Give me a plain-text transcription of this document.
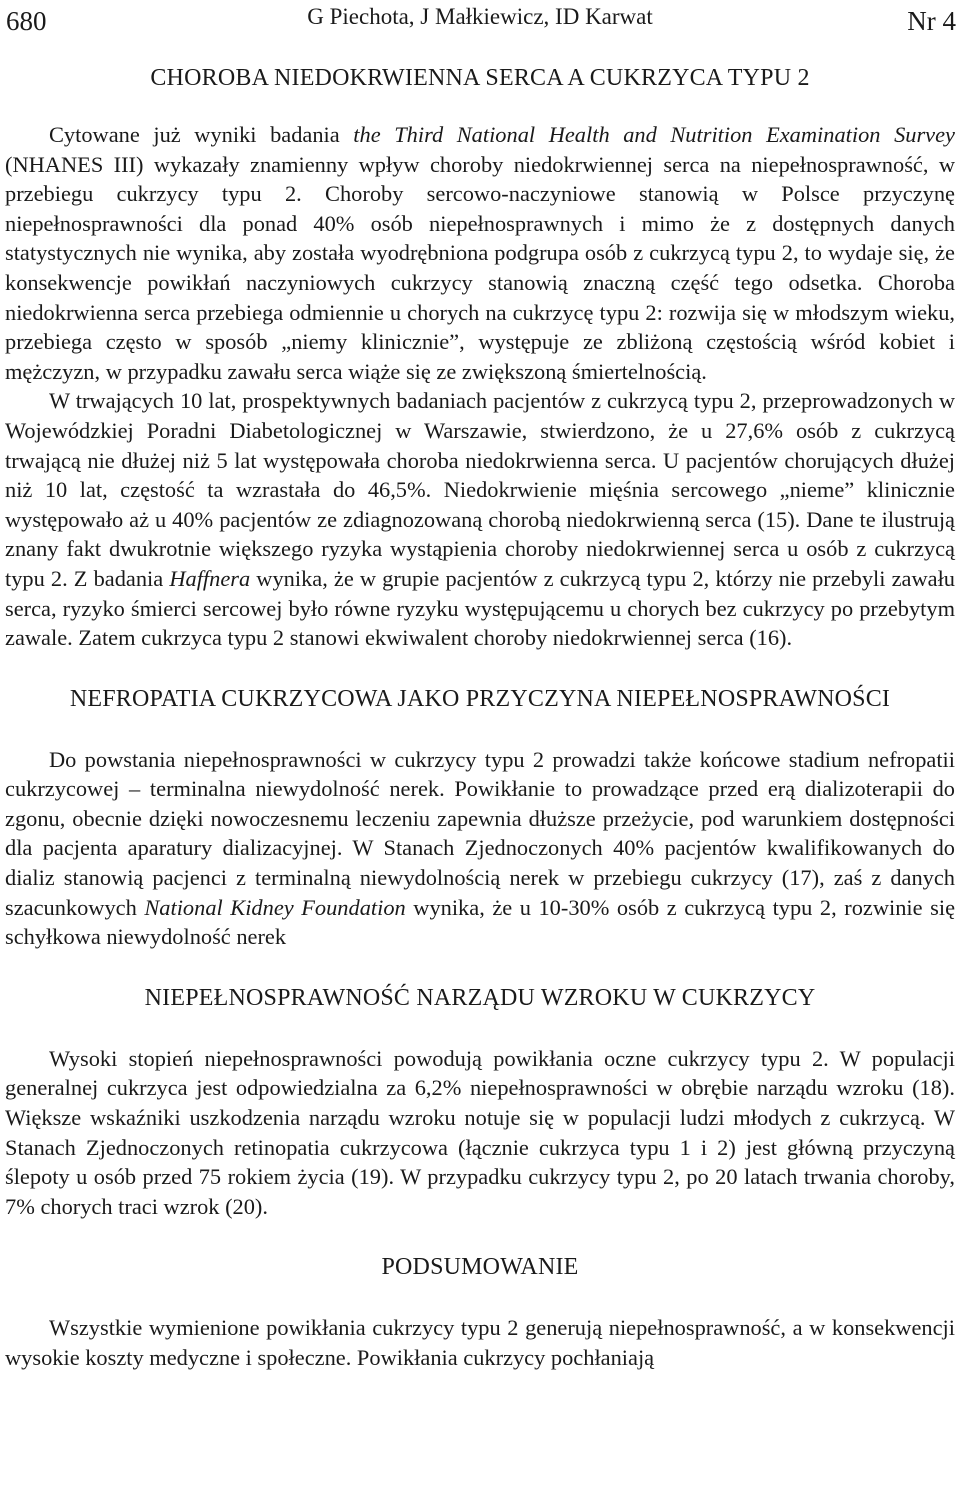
680	G Piechota, J Małkiewicz, ID Karwat	Nr 4
CHOROBA NIEDOKRWIENNA SERCA A CUKRZYCA TYPU 2

Cytowane już wyniki badania the Third National Health and Nutrition Examination Survey (NHANES III) wykazały znamienny wpływ choroby niedokrwiennej serca na niepełnosprawność, w przebiegu cukrzycy typu 2. Choroby sercowo-naczyniowe stanowią w Polsce przyczynę niepełnosprawności dla ponad 40% osób niepełnosprawnych i mimo że z dostępnych danych statystycznych nie wynika, aby została wyodrębniona podgrupa osób z cukrzycą typu 2, to wydaje się, że konsekwencje powikłań naczyniowych cukrzycy stanowią znaczną część tego odsetka. Choroba niedokrwienna serca przebiega odmiennie u chorych na cukrzycę typu 2: rozwija się w młodszym wieku, przebiega często w sposób „niemy klinicznie”, występuje ze zbliżoną częstością wśród kobiet i mężczyzn, w przypadku zawału serca wiąże się ze zwiększoną śmiertelnością.

W trwających 10 lat, prospektywnych badaniach pacjentów z cukrzycą typu 2, przeprowadzonych w Wojewódzkiej Poradni Diabetologicznej w Warszawie, stwierdzono, że u 27,6% osób z cukrzycą trwającą nie dłużej niż 5 lat występowała choroba niedokrwienna serca. U pacjentów chorujących dłużej niż 10 lat, częstość ta wzrastała do 46,5%. Niedokrwienie mięśnia sercowego „nieme” klinicznie występowało aż u 40% pacjentów ze zdiagnozowaną chorobą niedokrwienną serca (15). Dane te ilustrują znany fakt dwukrotnie większego ryzyka wystąpienia choroby niedokrwiennej serca u osób z cukrzycą typu 2. Z badania Haffnera wynika, że w grupie pacjentów z cukrzycą typu 2, którzy nie przebyli zawału serca, ryzyko śmierci sercowej było równe ryzyku występującemu u chorych bez cukrzycy po przebytym zawale. Zatem cukrzyca typu 2 stanowi ekwiwalent choroby niedokrwiennej serca (16).

NEFROPATIA CUKRZYCOWA JAKO PRZYCZYNA NIEPEŁNOSPRAWNOŚCI

Do powstania niepełnosprawności w cukrzycy typu 2 prowadzi także końcowe stadium nefropatii cukrzycowej – terminalna niewydolność nerek. Powikłanie to prowadzące przed erą dializoterapii do zgonu, obecnie dzięki nowoczesnemu leczeniu zapewnia dłuższe przeżycie, pod warunkiem dostępności dla pacjenta aparatury dializacyjnej. W Stanach Zjednoczonych 40% pacjentów kwalifikowanych do dializ stanowią pacjenci z terminalną niewydolnością nerek w przebiegu cukrzycy (17), zaś z danych szacunkowych National Kidney Foundation wynika, że u 10-30% osób z cukrzycą typu 2, rozwinie się schyłkowa niewydolność nerek

NIEPEŁNOSPRAWNOŚĆ NARZĄDU WZROKU W CUKRZYCY

Wysoki stopień niepełnosprawności powodują powikłania oczne cukrzycy typu 2. W populacji generalnej cukrzyca jest odpowiedzialna za 6,2% niepełnosprawności w obrębie narządu wzroku (18). Większe wskaźniki uszkodzenia narządu wzroku notuje się w populacji ludzi młodych z cukrzycą. W Stanach Zjednoczonych retinopatia cukrzycowa (łącznie cukrzyca typu 1 i 2) jest główną przyczyną ślepoty u osób przed 75 rokiem życia (19). W przypadku cukrzycy typu 2, po 20 latach trwania choroby, 7% chorych traci wzrok (20).

PODSUMOWANIE

Wszystkie wymienione powikłania cukrzycy typu 2 generują niepełnosprawność, a w konsekwencji wysokie koszty medyczne i społeczne. Powikłania cukrzycy pochłaniają
